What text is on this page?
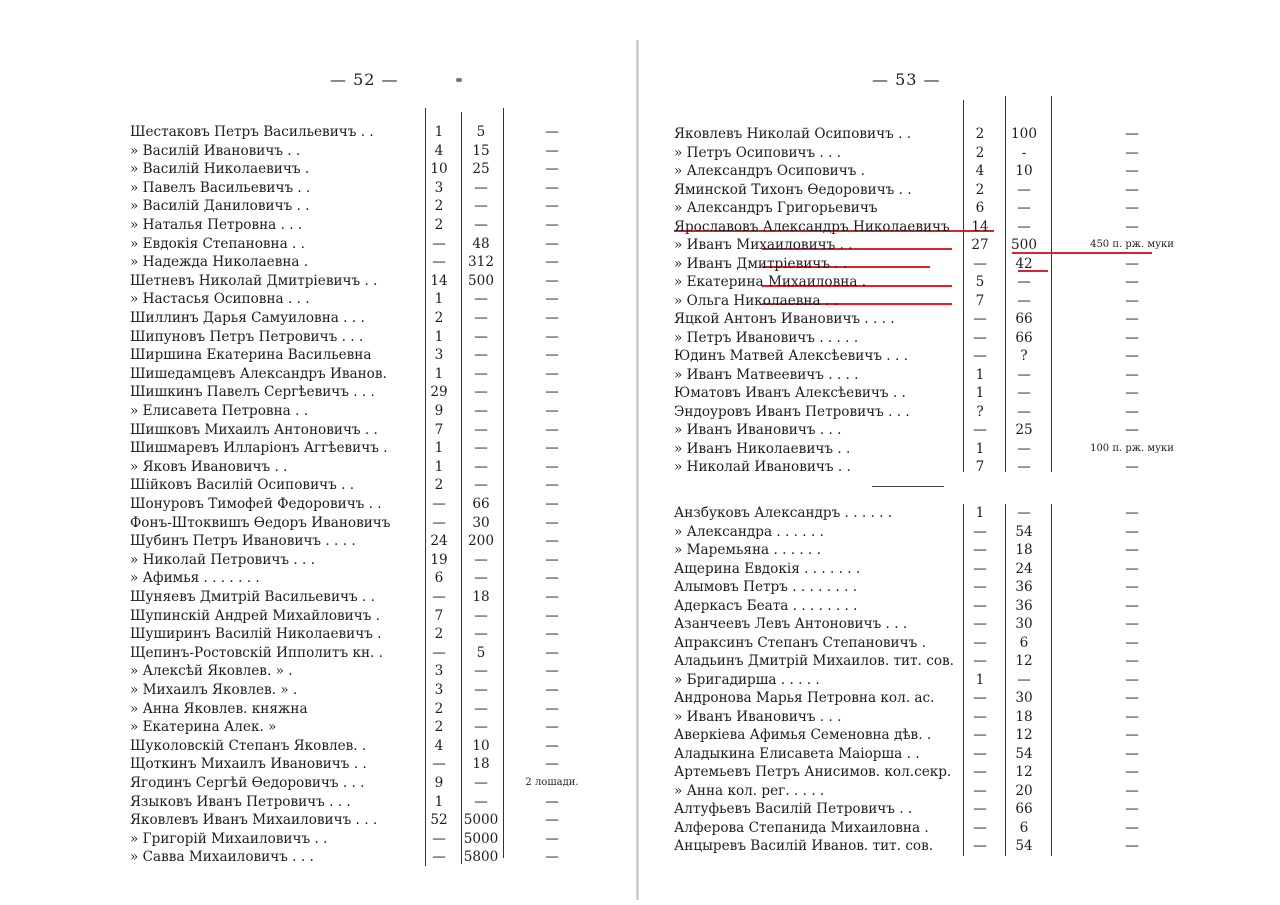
— 52 —
Шестаковъ Петръ Васильевичъ . .	1	5	—
» Василій Ивановичъ . .	4	15	—
» Василій Николаевичъ .	10	25	—
» Павелъ Васильевичъ . .	3	—	—
» Василій Даниловичъ . .	2	—	—
» Наталья Петровна . . .	2	—	—
» Евдокія Степановна . .	—	48	—
» Надежда Николаевна .	—	312	—
Шетневъ Николай Дмитріевичъ . .	14	500	—
» Настасья Осиповна . . .	1	—	—
Шиллинъ Дарья Самуиловна . . .	2	—	—
Шипуновъ Петръ Петровичъ . . .	1	—	—
Ширшина Екатерина Васильевна	3	—	—
Шишедамцевъ Александръ Иванов.	1	—	—
Шишкинъ Павелъ Сергѣевичъ . . .	29	—	—
» Елисавета Петровна . .	9	—	—
Шишковъ Михаилъ Антоновичъ . .	7	—	—
Шишмаревъ Илларіонъ Аггѣевичъ .	1	—	—
» Яковъ Ивановичъ . .	1	—	—
Шійковъ Василій Осиповичъ . .	2	—	—
Шонуровъ Тимофей Федоровичъ . .	—	66	—
Фонъ-Штоквишъ Ѳедоръ Ивановичъ	—	30	—
Шубинъ Петръ Ивановичъ . . . .	24	200	—
» Николай Петровичъ . . .	19	—	—
» Афимья . . . . . . .	6	—	—
Шуняевъ Дмитрій Васильевичъ . .	—	18	—
Шупинскій Андрей Михайловичъ .	7	—	—
Шуширинъ Василій Николаевичъ .	2	—	—
Щепинъ-Ростовскій Ипполитъ кн. .	—	5	—
» Алексѣй Яковлев. » .	3	—	—
» Михаилъ Яковлев. » .	3	—	—
» Анна Яковлев. княжна	2	—	—
» Екатерина Алек. »	2	—	—
Шуколовскій Степанъ Яковлев. .	4	10	—
Щоткинъ Михаилъ Ивановичъ . .	—	18	—
Ягодинъ Сергѣй Ѳедоровичъ . . .	9	—	2 лошади.
Языковъ Иванъ Петровичъ . . .	1	—	—
Яковлевъ Иванъ Михаиловичъ . . .	52	5000	—
» Григорій Михаиловичъ . .	—	5000	—
» Савва Михаиловичъ . . .	—	5800	—
— 53 —
Яковлевъ Николай Осиповичъ . .	2	100	—
» Петръ Осиповичъ . . .	2	-	—
» Александръ Осиповичъ .	4	10	—
Яминской Тихонъ Ѳедоровичъ . .	2	—	—
» Александръ Григорьевичъ	6	—	—
Ярославовъ Александръ Николаевичъ	14	—	—
» Иванъ Михаиловичъ . .	27	500	450 п. рж. муки
» Иванъ Дмитріевичъ . .	—	42	—
» Екатерина Михаиловна .	5	—	—
» Ольга Николаевна . .	7	—	—
Яцкой Антонъ Ивановичъ . . . .	—	66	—
» Петръ Ивановичъ . . . . .	—	66	—
Юдинъ Матвей Алексѣевичъ . . .	—	?	—
» Иванъ Матвеевичъ . . . .	1	—	—
Юматовъ Иванъ Алексѣевичъ . .	1	—	—
Эндоуровъ Иванъ Петровичъ . . .	?	—	—
» Иванъ Ивановичъ . . .	—	25	—
» Иванъ Николаевичъ . .	1	—	100 п. рж. муки
» Николай Ивановичъ . .	7	—	—
Анзбуковъ Александръ . . . . . .	1	—	—
» Александра . . . . . .	—	54	—
» Маремьяна . . . . . .	—	18	—
Ащерина Евдокія . . . . . . .	—	24	—
Алымовъ Петръ . . . . . . . .	—	36	—
Адеркасъ Беата . . . . . . . .	—	36	—
Азанчеевъ Левъ Антоновичъ . . .	—	30	—
Апраксинъ Степанъ Степановичъ .	—	6	—
Аладьинъ Дмитрій Михаилов. тит. сов.	—	12	—
» Бригадирша . . . . .	1	—	—
Андронова Марья Петровна кол. ас.	—	30	—
» Иванъ Ивановичъ . . .	—	18	—
Аверкіева Афимья Семеновна дѣв. .	—	12	—
Аладыкина Елисавета Маіорша . .	—	54	—
Артемьевъ Петръ Анисимов. кол.секр.	—	12	—
» Анна кол. рег. . . . .	—	20	—
Алтуфьевъ Василій Петровичъ . .	—	66	—
Алферова Степанида Михаиловна .	—	6	—
Анцыревъ Василій Иванов. тит. сов.	—	54	—
